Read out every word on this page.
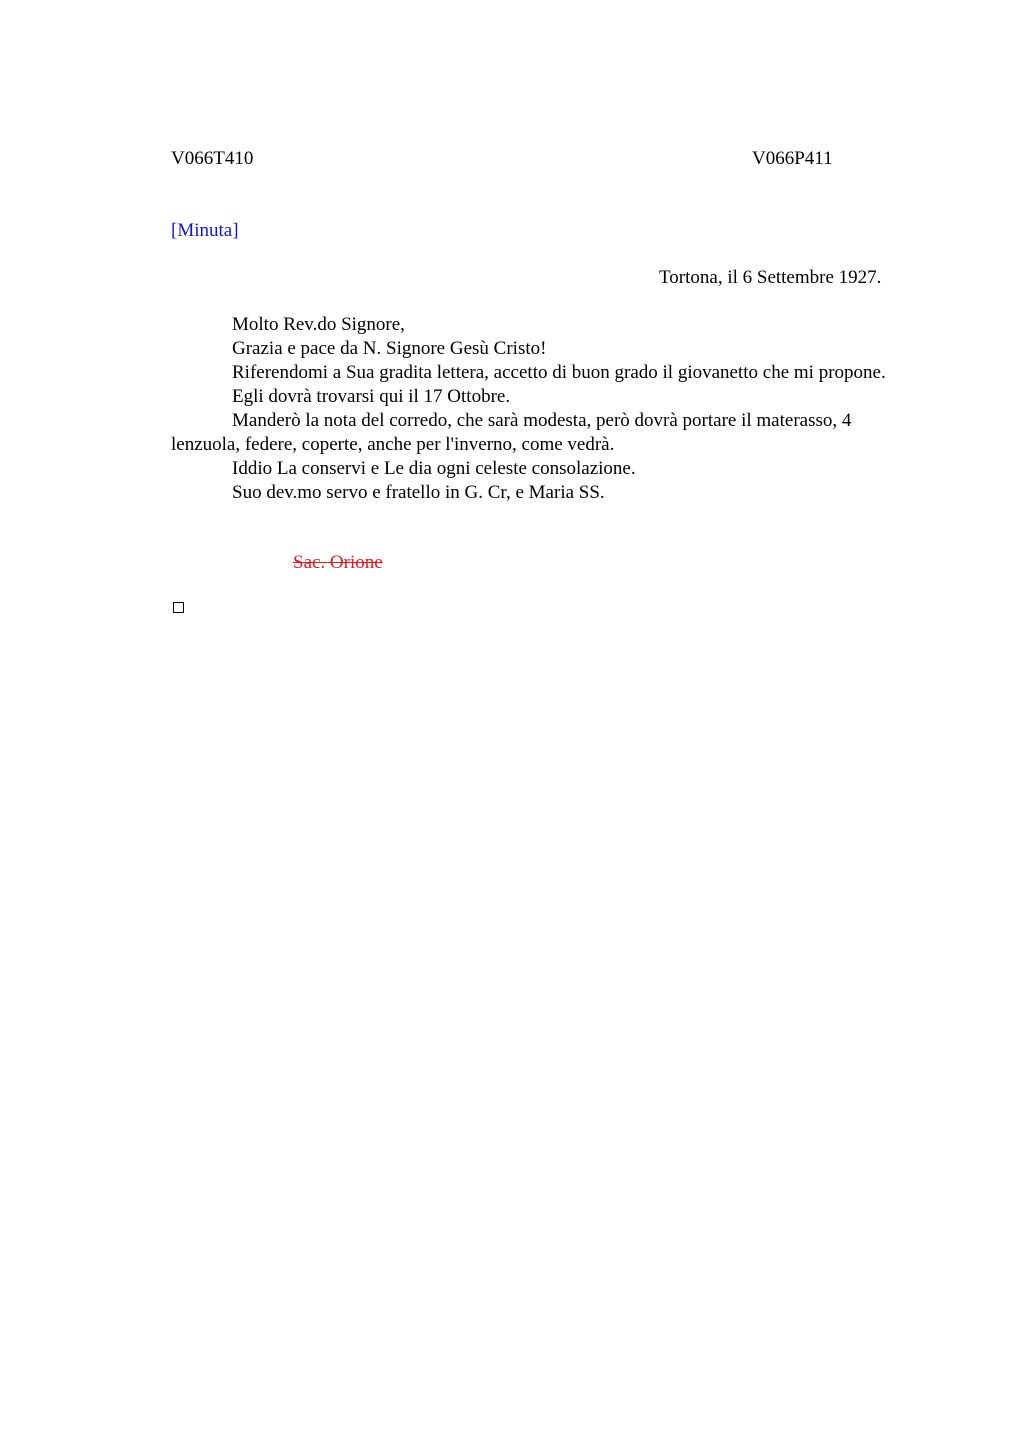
V066T410	V066P411
[Minuta]
Tortona, il 6 Settembre 1927.

Molto Rev.do Signore,

Grazia e pace da N. Signore Gesù Cristo!

Riferendomi a Sua gradita lettera, accetto di buon grado il giovanetto che mi propone.

Egli dovrà trovarsi qui il 17 Ottobre.

Manderò la nota del corredo, che sarà modesta, però dovrà portare il materasso, 4 lenzuola, federe, coperte, anche per l'inverno, come vedrà.

Iddio La conservi e Le dia ogni celeste consolazione.

Suo dev.mo servo e fratello in G. Cr, e Maria SS.

Sac. Orione
